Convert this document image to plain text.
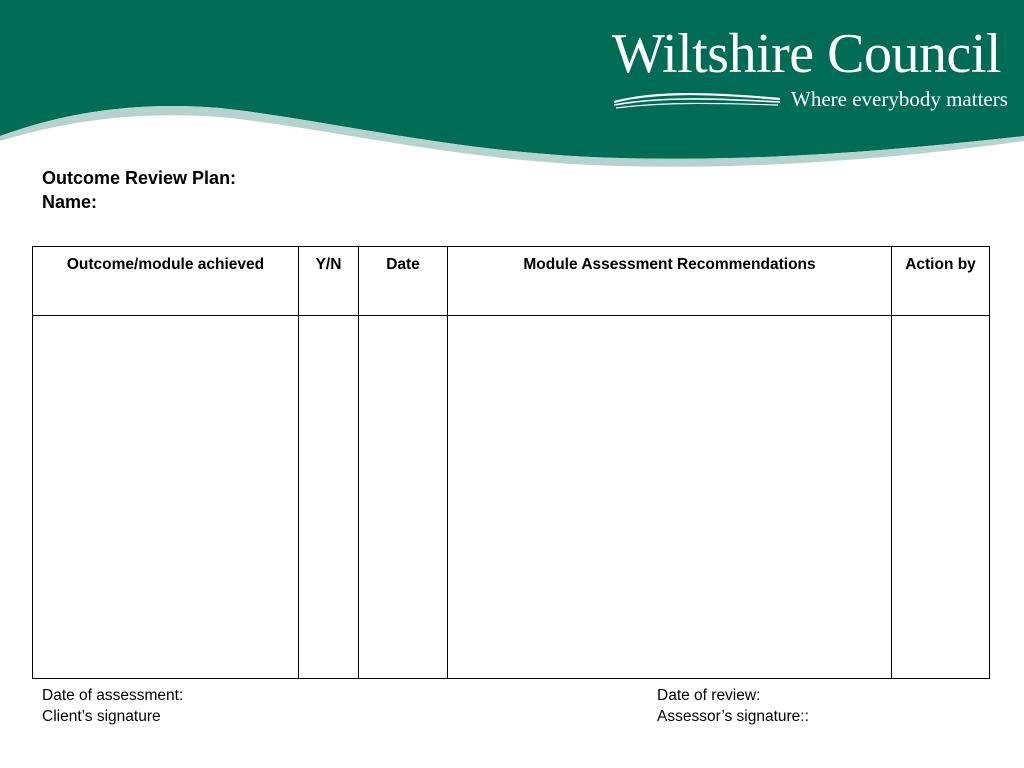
Wiltshire Council
Where everybody matters
Outcome Review Plan:
Name:
Outcome/module achieved	Y/N	Date	Module Assessment Recommendations	Action by

Date of assessment:
Client’s signature
Date of review:
Assessor’s signature::
